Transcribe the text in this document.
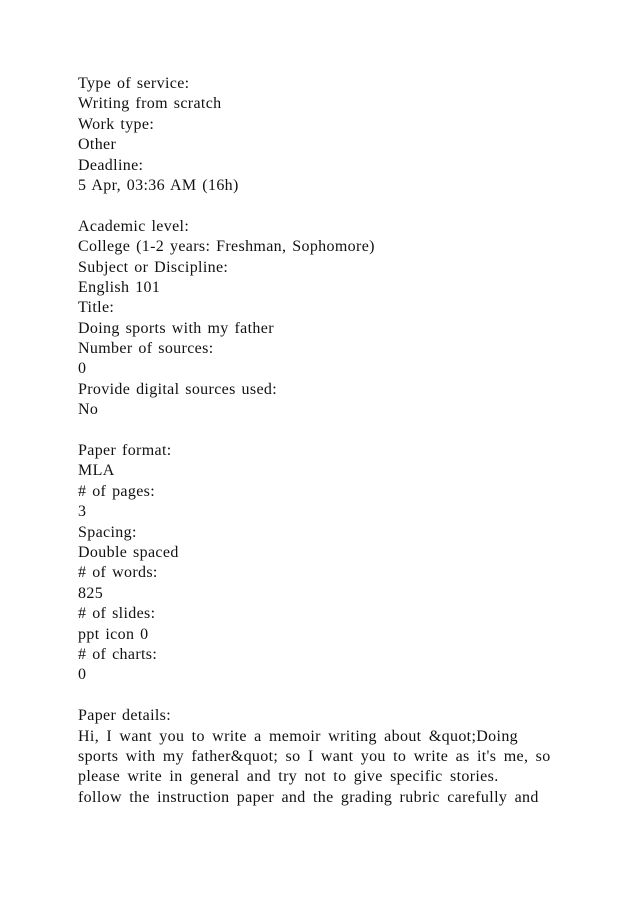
Type of service:
Writing from scratch
Work type:
Other
Deadline:
5 Apr, 03:36 AM (16h)
Academic level:
College (1-2 years: Freshman, Sophomore)
Subject or Discipline:
English 101
Title:
Doing sports with my father
Number of sources:
0
Provide digital sources used:
No
Paper format:
MLA
# of pages:
3
Spacing:
Double spaced
# of words:
825
# of slides:
ppt icon 0
# of charts:
0
Paper details:
Hi, I want you to write a memoir writing about &quot;Doing
sports with my father&quot; so I want you to write as it's me, so
please write in general and try not to give specific stories.
follow the instruction paper and the grading rubric carefully and
